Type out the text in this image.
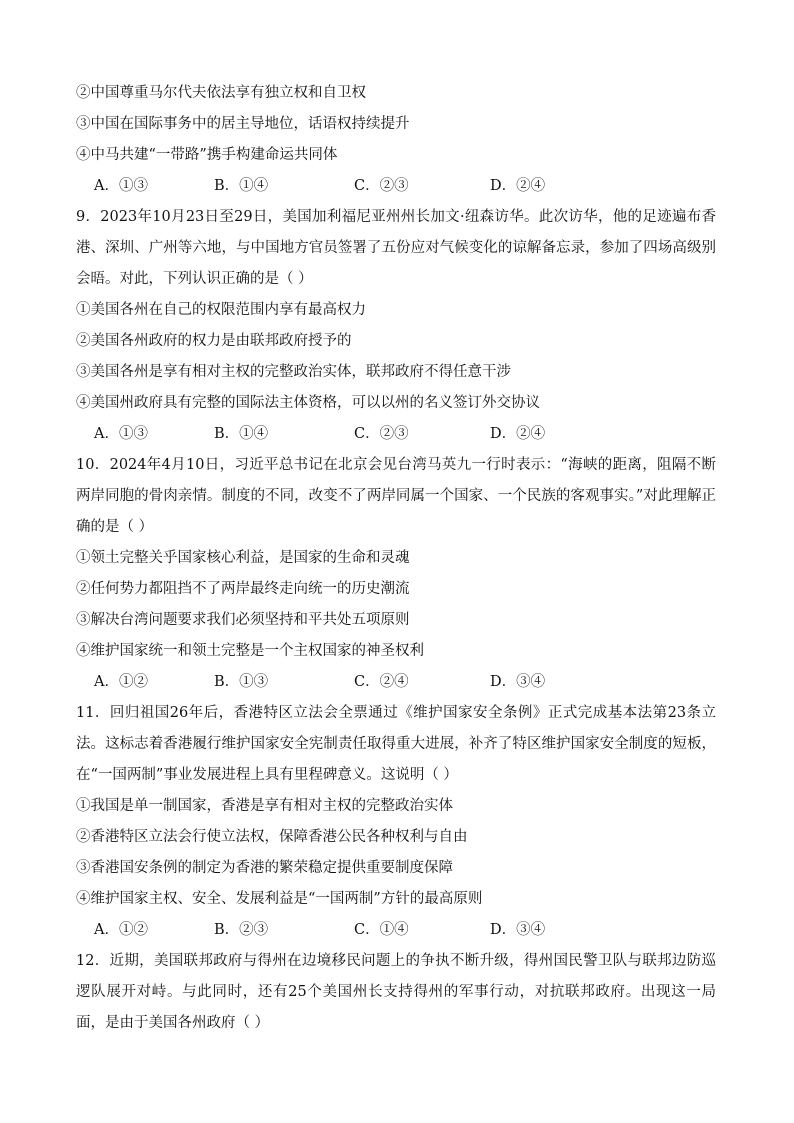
②中国尊重马尔代夫依法享有独立权和自卫权
③中国在国际事务中的居主导地位，话语权持续提升
④中马共建“一带路”携手构建命运共同体
A．①③	B．①④	C．②③	D．②④
9．2023年10月23日至29日，美国加利福尼亚州州长加文·纽森访华。此次访华，他的足迹遍布香港、深圳、广州等六地，与中国地方官员签署了五份应对气候变化的谅解备忘录，参加了四场高级别会晤。对此，下列认识正确的是（ ）
①美国各州在自己的权限范围内享有最高权力
②美国各州政府的权力是由联邦政府授予的
③美国各州是享有相对主权的完整政治实体，联邦政府不得任意干涉
④美国州政府具有完整的国际法主体资格，可以以州的名义签订外交协议
A．①③	B．①④	C．②③	D．②④
10．2024年4月10日，习近平总书记在北京会见台湾马英九一行时表示：“海峡的距离，阻隔不断两岸同胞的骨肉亲情。制度的不同，改变不了两岸同属一个国家、一个民族的客观事实。”对此理解正确的是（ ）
①领土完整关乎国家核心利益，是国家的生命和灵魂
②任何势力都阻挡不了两岸最终走向统一的历史潮流
③解决台湾问题要求我们必须坚持和平共处五项原则
④维护国家统一和领土完整是一个主权国家的神圣权利
A．①②	B．①③	C．②④	D．③④
11．回归祖国26年后，香港特区立法会全票通过《维护国家安全条例》正式完成基本法第23条立法。这标志着香港履行维护国家安全宪制责任取得重大进展，补齐了特区维护国家安全制度的短板，在“一国两制”事业发展进程上具有里程碑意义。这说明（ ）
①我国是单一制国家，香港是享有相对主权的完整政治实体
②香港特区立法会行使立法权，保障香港公民各种权利与自由
③香港国安条例的制定为香港的繁荣稳定提供重要制度保障
④维护国家主权、安全、发展利益是“一国两制”方针的最高原则
A．①②	B．②③	C．①④	D．③④
12．近期，美国联邦政府与得州在边境移民问题上的争执不断升级，得州国民警卫队与联邦边防巡逻队展开对峙。与此同时，还有25个美国州长支持得州的军事行动，对抗联邦政府。出现这一局面，是由于美国各州政府（ ）
